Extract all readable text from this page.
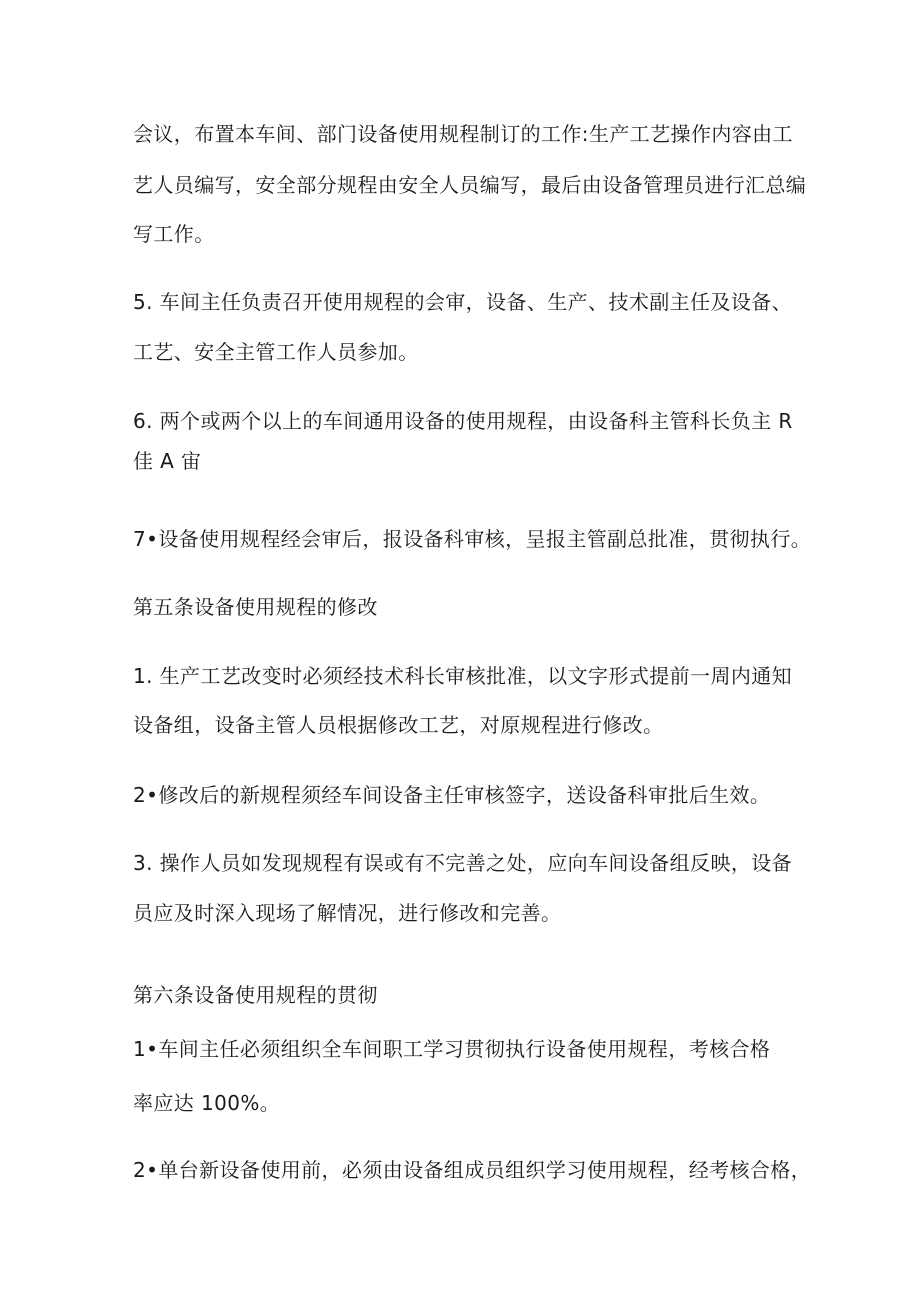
会议，布置本车间、部门设备使用规程制订的工作:生产工艺操作内容由工

艺人员编写，安全部分规程由安全人员编写，最后由设备管理员进行汇总编

写工作。

5. 车间主任负责召开使用规程的会审，设备、生产、技术副主任及设备、

工艺、安全主管工作人员参加。

6. 两个或两个以上的车间通用设备的使用规程，由设备科主管科长负主 R

佳 A 宙

7•设备使用规程经会审后，报设备科审核，呈报主管副总批准，贯彻执行。

第五条设备使用规程的修改

1. 生产工艺改变时必须经技术科长审核批准，以文字形式提前一周内通知

设备组，设备主管人员根据修改工艺，对原规程进行修改。

2•修改后的新规程须经车间设备主任审核签字，送设备科审批后生效。

3. 操作人员如发现规程有误或有不完善之处，应向车间设备组反映，设备

员应及时深入现场了解情况，进行修改和完善。

第六条设备使用规程的贯彻

1•车间主任必须组织全车间职工学习贯彻执行设备使用规程，考核合格

率应达 100%。

2•单台新设备使用前，必须由设备组成员组织学习使用规程，经考核合格，
